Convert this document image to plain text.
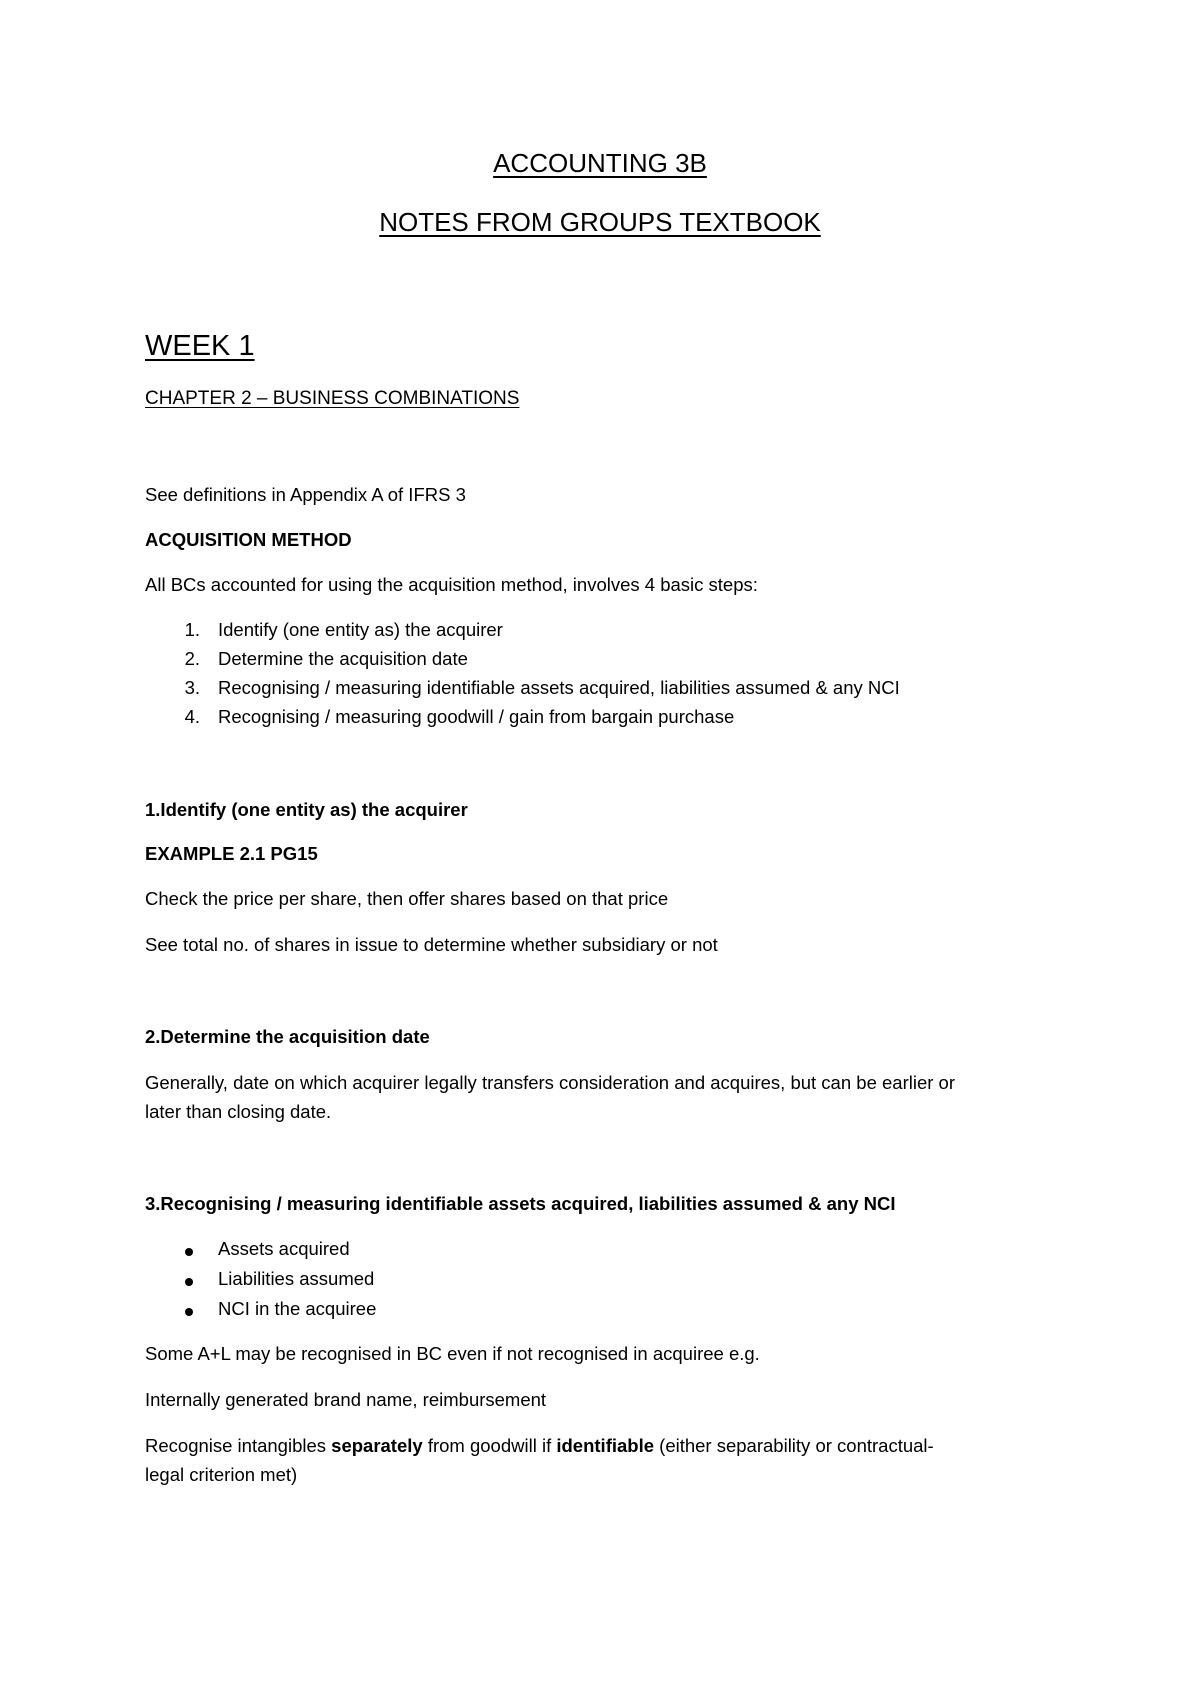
ACCOUNTING 3B
NOTES FROM GROUPS TEXTBOOK
WEEK 1
CHAPTER 2 – BUSINESS COMBINATIONS
See definitions in Appendix A of IFRS 3
ACQUISITION METHOD
All BCs accounted for using the acquisition method, involves 4 basic steps:
1. Identify (one entity as) the acquirer
2. Determine the acquisition date
3. Recognising / measuring identifiable assets acquired, liabilities assumed & any NCI
4. Recognising / measuring goodwill / gain from bargain purchase
1.Identify (one entity as) the acquirer
EXAMPLE 2.1 PG15
Check the price per share, then offer shares based on that price
See total no. of shares in issue to determine whether subsidiary or not
2.Determine the acquisition date
Generally, date on which acquirer legally transfers consideration and acquires, but can be earlier or
later than closing date.
3.Recognising / measuring identifiable assets acquired, liabilities assumed & any NCI
Assets acquired
Liabilities assumed
NCI in the acquiree
Some A+L may be recognised in BC even if not recognised in acquiree e.g.
Internally generated brand name, reimbursement
Recognise intangibles separately from goodwill if identifiable (either separability or contractual-
legal criterion met)
